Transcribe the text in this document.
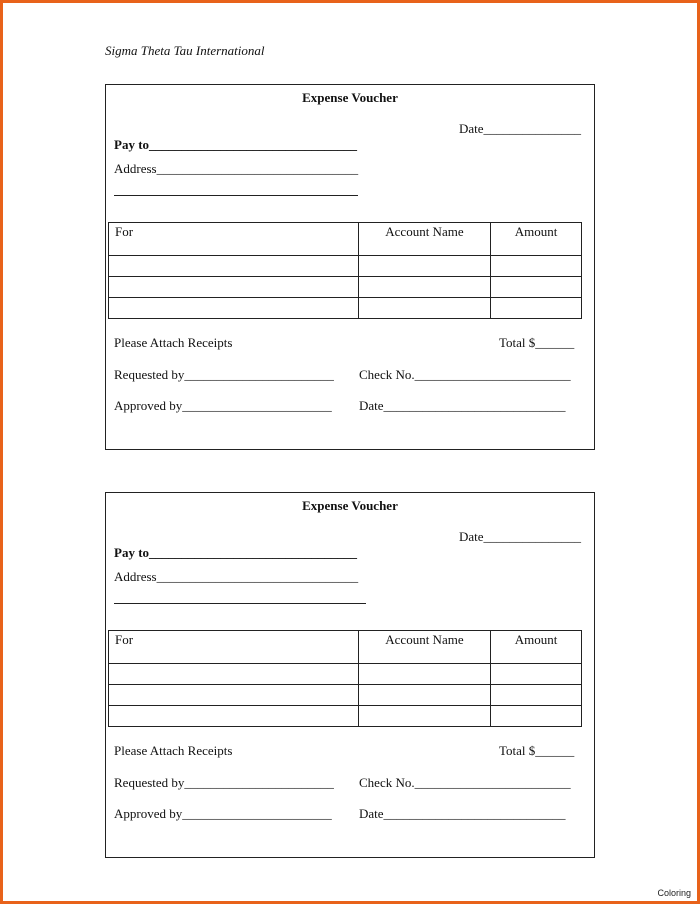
Sigma Theta Tau International
Expense Voucher
Date_______________
Pay to________________________________
Address_______________________________
For	Account Name	Amount

Please Attach Receipts	Total $______
Requested by_______________________ Check No.________________________
Approved by_______________________ Date____________________________
Expense Voucher
Date_______________
Pay to________________________________
Address_______________________________
For	Account Name	Amount

Please Attach Receipts	Total $______
Requested by_______________________ Check No.________________________
Approved by_______________________ Date____________________________
Coloring
